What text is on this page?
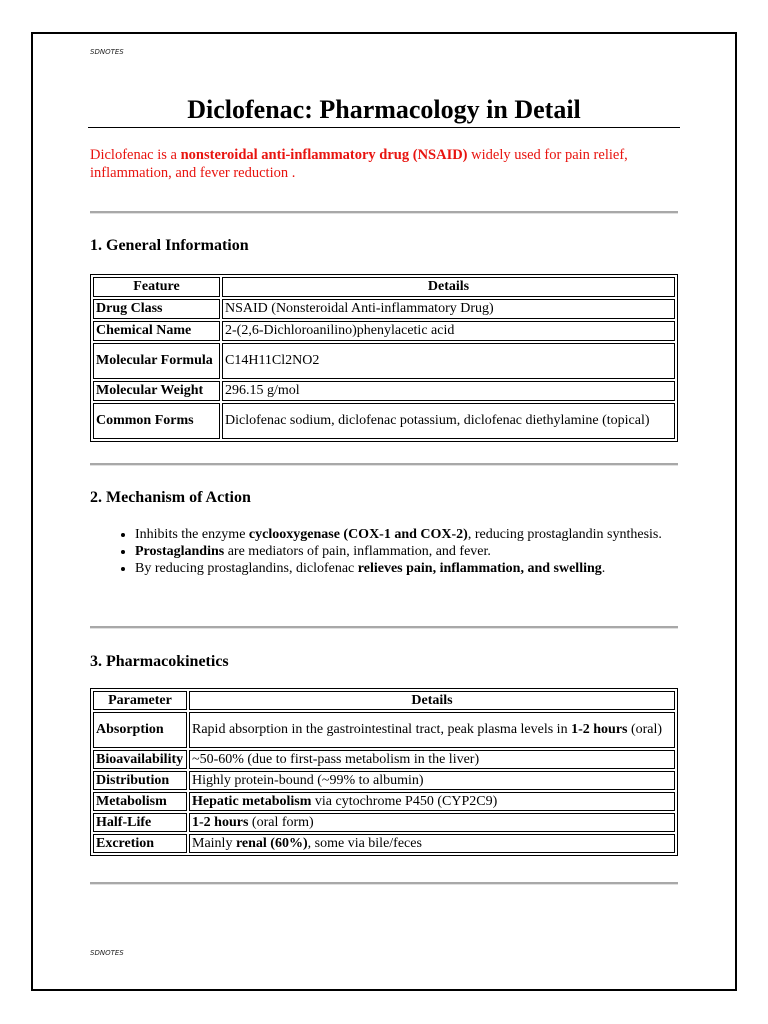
SDNOTES
Diclofenac: Pharmacology in Detail

Diclofenac is a nonsteroidal anti-inflammatory drug (NSAID) widely used for pain relief, inflammation, and fever reduction .

1. General Information
Feature	Details
Drug Class	NSAID (Nonsteroidal Anti-inflammatory Drug)
Chemical Name	2-(2,6-Dichloroanilino)phenylacetic acid
Molecular Formula	C14H11Cl2NO2
Molecular Weight	296.15 g/mol
Common Forms	Diclofenac sodium, diclofenac potassium, diclofenac diethylamine (topical)
2. Mechanism of Action
• Inhibits the enzyme cyclooxygenase (COX-1 and COX-2), reducing prostaglandin synthesis.
• Prostaglandins are mediators of pain, inflammation, and fever.
• By reducing prostaglandins, diclofenac relieves pain, inflammation, and swelling.
3. Pharmacokinetics
Parameter	Details
Absorption	Rapid absorption in the gastrointestinal tract, peak plasma levels in 1-2 hours (oral)
Bioavailability	~50-60% (due to first-pass metabolism in the liver)
Distribution	Highly protein-bound (~99% to albumin)
Metabolism	Hepatic metabolism via cytochrome P450 (CYP2C9)
Half-Life	1-2 hours (oral form)
Excretion	Mainly renal (60%), some via bile/feces
SDNOTES
